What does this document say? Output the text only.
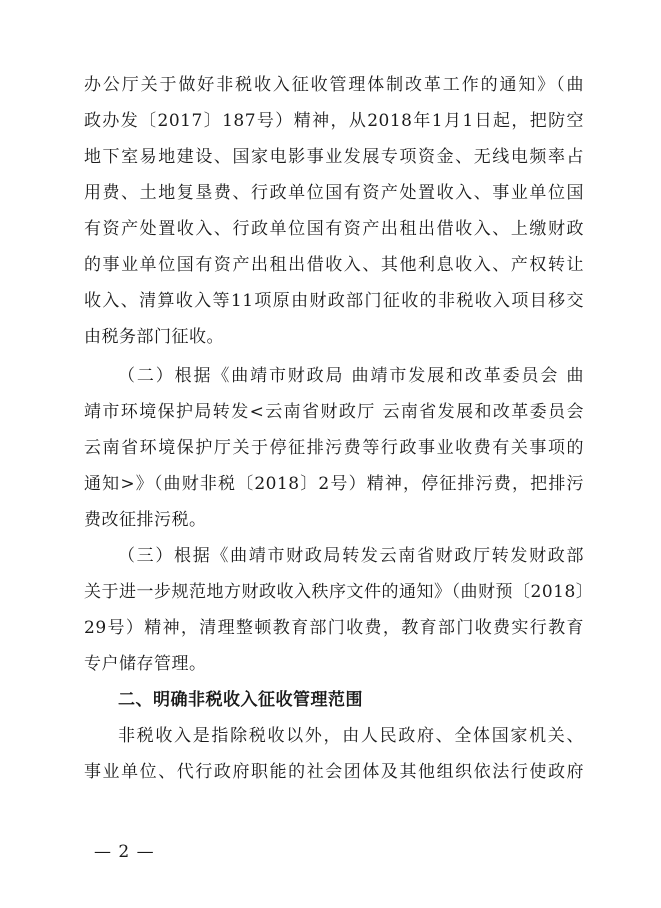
办公厅关于做好非税收入征收管理体制改革工作的通知》（曲
政办发〔2017〕187号）精神，从2018年1月1日起，把防空
地下室易地建设、国家电影事业发展专项资金、无线电频率占
用费、土地复垦费、行政单位国有资产处置收入、事业单位国
有资产处置收入、行政单位国有资产出租出借收入、上缴财政
的事业单位国有资产出租出借收入、其他利息收入、产权转让
收入、清算收入等11项原由财政部门征收的非税收入项目移交
由税务部门征收。
（二）根据《曲靖市财政局 曲靖市发展和改革委员会 曲
靖市环境保护局转发<云南省财政厅 云南省发展和改革委员会
云南省环境保护厅关于停征排污费等行政事业收费有关事项的
通知>》（曲财非税〔2018〕2号）精神，停征排污费，把排污
费改征排污税。
（三）根据《曲靖市财政局转发云南省财政厅转发财政部
关于进一步规范地方财政收入秩序文件的通知》（曲财预〔2018〕
29号）精神，清理整顿教育部门收费，教育部门收费实行教育
专户储存管理。
二、明确非税收入征收管理范围
非税收入是指除税收以外，由人民政府、全体国家机关、
事业单位、代行政府职能的社会团体及其他组织依法行使政府
— 2 —
